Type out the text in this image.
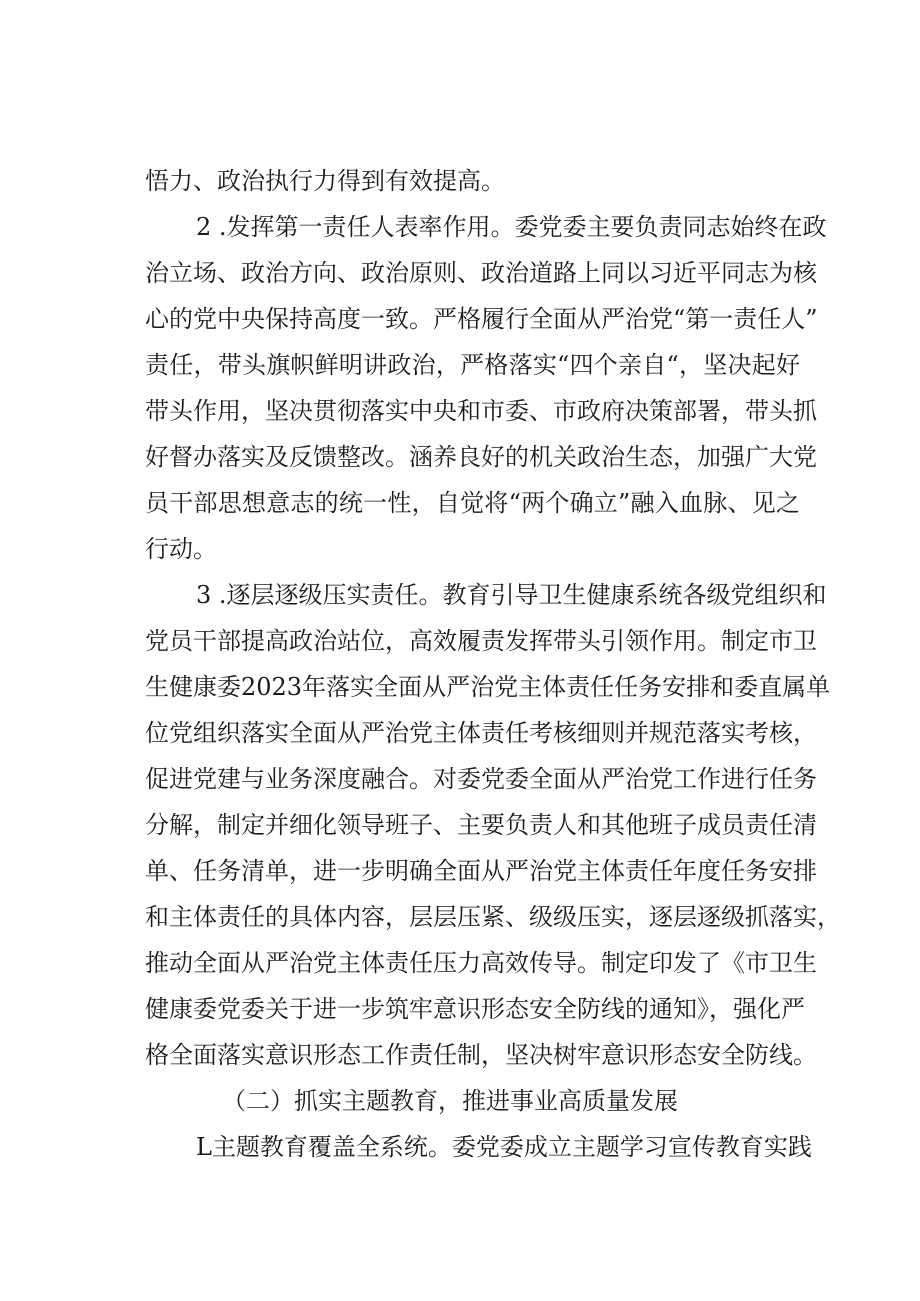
悟力、政治执行力得到有效提高。
2 .发挥第一责任人表率作用。委党委主要负责同志始终在政
治立场、政治方向、政治原则、政治道路上同以习近平同志为核
心的党中央保持高度一致。严格履行全面从严治党“第一责任人”
责任，带头旗帜鲜明讲政治，严格落实“四个亲自“，坚决起好
带头作用，坚决贯彻落实中央和市委、市政府决策部署，带头抓
好督办落实及反馈整改。涵养良好的机关政治生态，加强广大党
员干部思想意志的统一性，自觉将“两个确立”融入血脉、见之
行动。
3 .逐层逐级压实责任。教育引导卫生健康系统各级党组织和
党员干部提高政治站位，高效履责发挥带头引领作用。制定市卫
生健康委2023年落实全面从严治党主体责任任务安排和委直属单
位党组织落实全面从严治党主体责任考核细则并规范落实考核，
促进党建与业务深度融合。对委党委全面从严治党工作进行任务
分解，制定并细化领导班子、主要负责人和其他班子成员责任清
单、任务清单，进一步明确全面从严治党主体责任年度任务安排
和主体责任的具体内容，层层压紧、级级压实，逐层逐级抓落实，
推动全面从严治党主体责任压力高效传导。制定印发了《市卫生
健康委党委关于进一步筑牢意识形态安全防线的通知》，强化严
格全面落实意识形态工作责任制，坚决树牢意识形态安全防线。
（二）抓实主题教育，推进事业高质量发展
L主题教育覆盖全系统。委党委成立主题学习宣传教育实践
